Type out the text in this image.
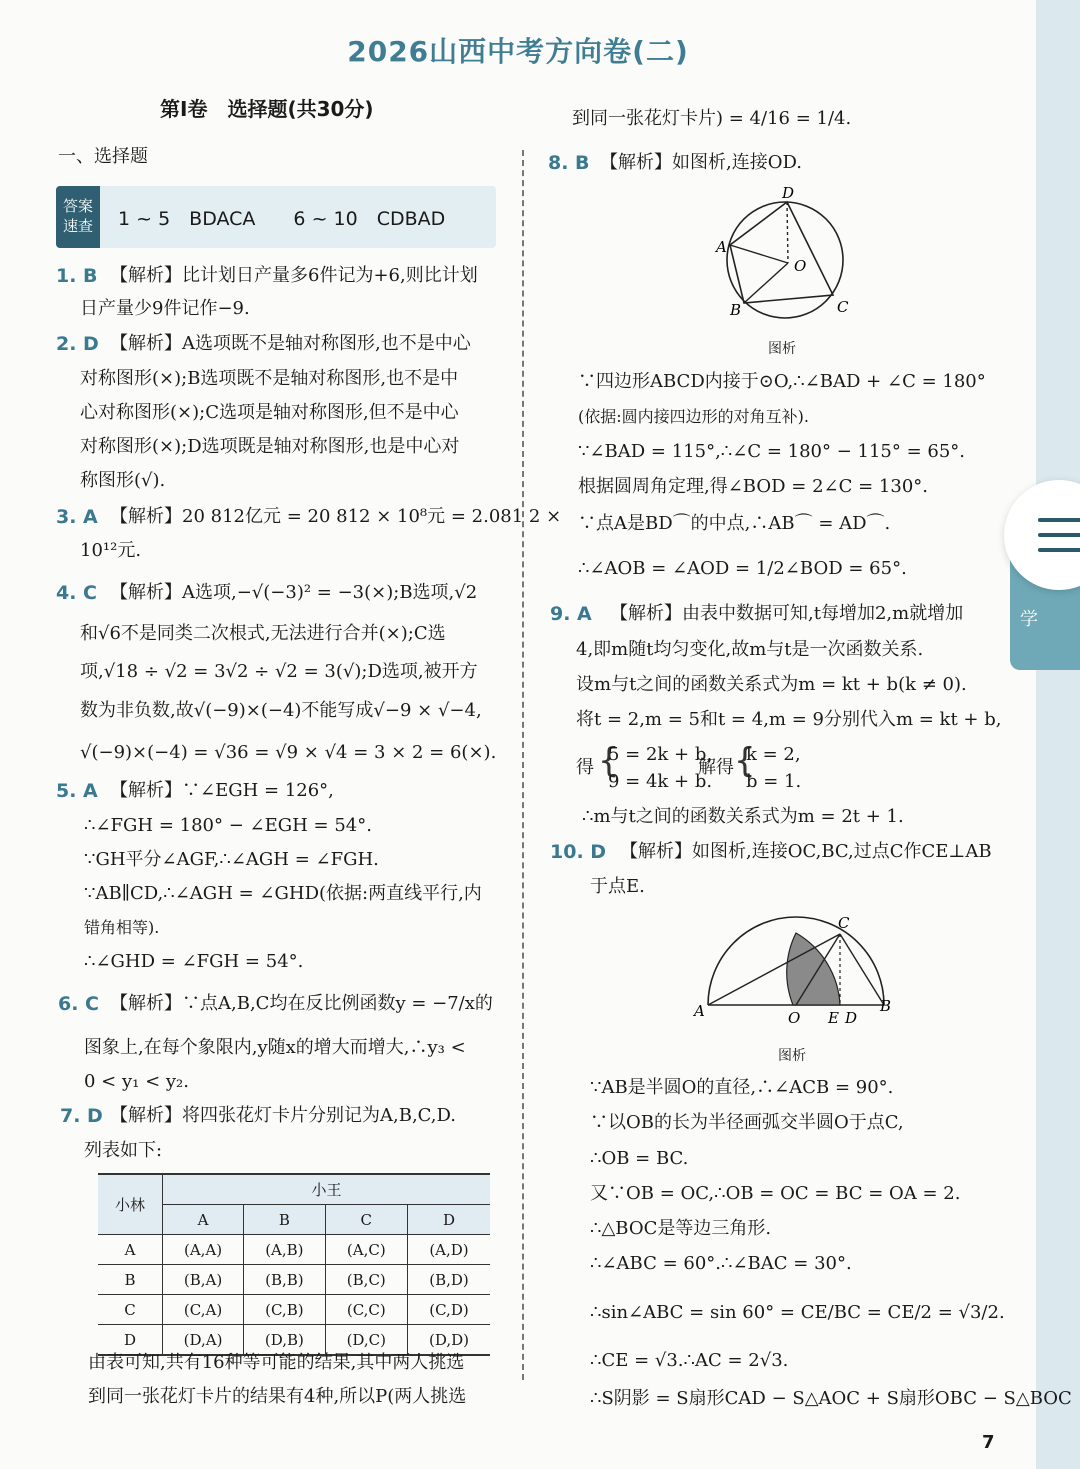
学
2026山西中考方向卷(二)
第Ⅰ卷　选择题(共30分)
一、选择题
答案
速查	1 ~ 5　BDACA　　6 ~ 10　CDBAD
1. B 【解析】比计划日产量多6件记为+6,则比计划
日产量少9件记作−9.
2. D 【解析】A选项既不是轴对称图形,也不是中心
对称图形(×);B选项既不是轴对称图形,也不是中
心对称图形(×);C选项是轴对称图形,但不是中心
对称图形(×);D选项既是轴对称图形,也是中心对
称图形(√).
3. A 【解析】20 812亿元 = 20 812 × 10⁸元 = 2.081 2 ×
10¹²元.
4. C 【解析】A选项,−√(−3)² = −3(×);B选项,√2
和√6不是同类二次根式,无法进行合并(×);C选
项,√18 ÷ √2 = 3√2 ÷ √2 = 3(√);D选项,被开方
数为非负数,故√(−9)×(−4)不能写成√−9 × √−4,
√(−9)×(−4) = √36 = √9 × √4 = 3 × 2 = 6(×).
5. A 【解析】∵∠EGH = 126°,
∴∠FGH = 180° − ∠EGH = 54°.
∵GH平分∠AGF,∴∠AGH = ∠FGH.
∵AB∥CD,∴∠AGH = ∠GHD(依据:两直线平行,内
错角相等).
∴∠GHD = ∠FGH = 54°.
6. C 【解析】∵点A,B,C均在反比例函数y = −7/x的
图象上,在每个象限内,y随x的增大而增大,∴y₃ <
0 < y₁ < y₂.
7. D 【解析】将四张花灯卡片分别记为A,B,C,D.
列表如下:
小林	小王			
	A	B	C	D
A	(A,A)	(A,B)	(A,C)	(A,D)
B	(B,A)	(B,B)	(B,C)	(B,D)
C	(C,A)	(C,B)	(C,C)	(C,D)
D	(D,A)	(D,B)	(D,C)	(D,D)
由表可知,共有16种等可能的结果,其中两人挑选
到同一张花灯卡片的结果有4种,所以P(两人挑选
到同一张花灯卡片) = 4/16 = 1/4.
8. B 【解析】如图析,连接OD.
D
A
B	C
O
图析
∵四边形ABCD内接于⊙O,∴∠BAD + ∠C = 180°
(依据:圆内接四边形的对角互补).
∵∠BAD = 115°,∴∠C = 180° − 115° = 65°.
根据圆周角定理,得∠BOD = 2∠C = 130°.
∵点A是BD⌒的中点,∴AB⌒ = AD⌒.
∴∠AOB = ∠AOD = 1/2∠BOD = 65°.
9. A 【解析】由表中数据可知,t每增加2,m就增加
4,即m随t均匀变化,故m与t是一次函数关系.
设m与t之间的函数关系式为m = kt + b(k ≠ 0).
将t = 2,m = 5和t = 4,m = 9分别代入m = kt + b,
得 {
5 = 2k + b,
9 = 4k + b.
解得 {
k = 2,
b = 1.
∴m与t之间的函数关系式为m = 2t + 1.
10. D 【解析】如图析,连接OC,BC,过点C作CE⊥AB
于点E.
C
A	O E D
B
图析
∵AB是半圆O的直径,∴∠ACB = 90°.
∵以OB的长为半径画弧交半圆O于点C,
∴OB = BC.
又∵OB = OC,∴OB = OC = BC = OA = 2.
∴△BOC是等边三角形.
∴∠ABC = 60°.∴∠BAC = 30°.
∴sin∠ABC = sin 60° = CE/BC = CE/2 = √3/2.
∴CE = √3.∴AC = 2√3.
∴S阴影 = S扇形CAD − S△AOC + S扇形OBC − S△BOC
7
